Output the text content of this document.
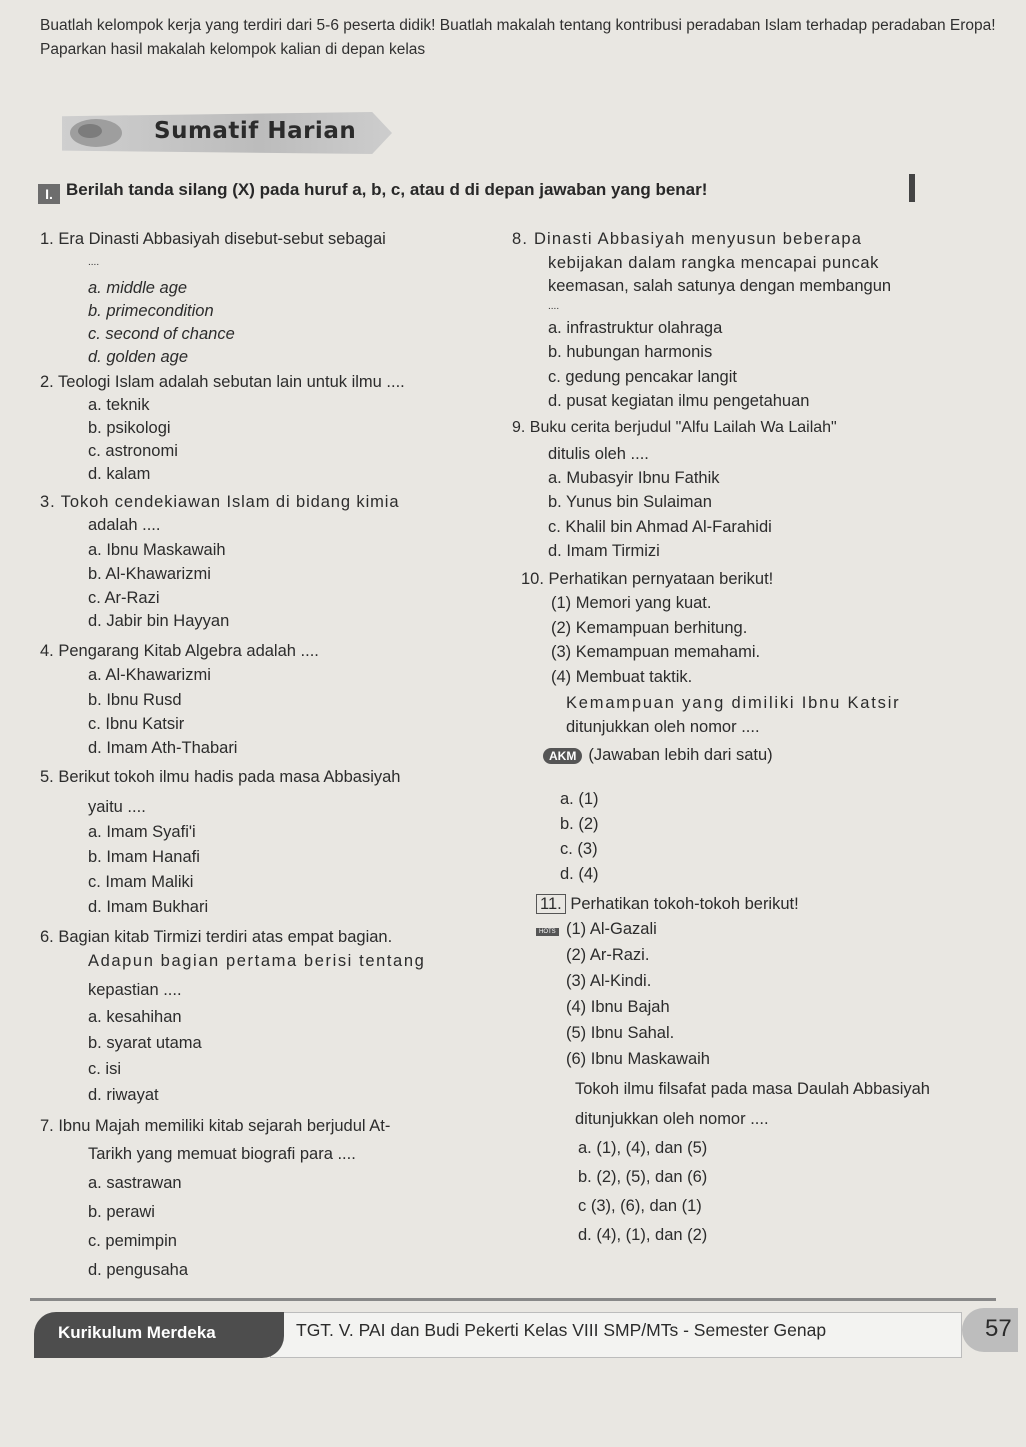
Buatlah kelompok kerja yang terdiri dari 5-6 peserta didik! Buatlah makalah tentang kontribusi peradaban Islam terhadap peradaban Eropa! Paparkan hasil makalah kelompok kalian di depan kelas
Sumatif Harian
I. Berilah tanda silang (X) pada huruf a, b, c, atau d di depan jawaban yang benar!
1. Era Dinasti Abbasiyah disebut-sebut sebagai
....
a. middle age
b. primecondition
c. second of chance
d. golden age
2. Teologi Islam adalah sebutan lain untuk ilmu ....
a. teknik
b. psikologi
c. astronomi
d. kalam
3. Tokoh cendekiawan Islam di bidang kimia
adalah ....
a. Ibnu Maskawaih
b. Al-Khawarizmi
c. Ar-Razi
d. Jabir bin Hayyan
4. Pengarang Kitab Algebra adalah ....
a. Al-Khawarizmi
b. Ibnu Rusd
c. Ibnu Katsir
d. Imam Ath-Thabari
5. Berikut tokoh ilmu hadis pada masa Abbasiyah
yaitu ....
a. Imam Syafi'i
b. Imam Hanafi
c. Imam Maliki
d. Imam Bukhari
6. Bagian kitab Tirmizi terdiri atas empat bagian.
Adapun bagian pertama berisi tentang
kepastian ....
a. kesahihan
b. syarat utama
c. isi
d. riwayat
7. Ibnu Majah memiliki kitab sejarah berjudul At-
Tarikh yang memuat biografi para ....
a. sastrawan
b. perawi
c. pemimpin
d. pengusaha
8. Dinasti Abbasiyah menyusun beberapa
kebijakan dalam rangka mencapai puncak
keemasan, salah satunya dengan membangun
....
a. infrastruktur olahraga
b. hubungan harmonis
c. gedung pencakar langit
d. pusat kegiatan ilmu pengetahuan
9. Buku cerita berjudul "Alfu Lailah Wa Lailah"
ditulis oleh ....
a. Mubasyir Ibnu Fathik
b. Yunus bin Sulaiman
c. Khalil bin Ahmad Al-Farahidi
d. Imam Tirmizi
10. Perhatikan pernyataan berikut!
(1) Memori yang kuat.
(2) Kemampuan berhitung.
(3) Kemampuan memahami.
(4) Membuat taktik.
Kemampuan yang dimiliki Ibnu Katsir
ditunjukkan oleh nomor ....
AKM (Jawaban lebih dari satu)
a. (1)
b. (2)
c. (3)
d. (4)
11. Perhatikan tokoh-tokoh berikut!
HOTS (1) Al-Gazali
(2) Ar-Razi.
(3) Al-Kindi.
(4) Ibnu Bajah
(5) Ibnu Sahal.
(6) Ibnu Maskawaih
Tokoh ilmu filsafat pada masa Daulah Abbasiyah
ditunjukkan oleh nomor ....
a. (1), (4), dan (5)
b. (2), (5), dan (6)
c (3), (6), dan (1)
d. (4), (1), dan (2)
Kurikulum Merdeka	TGT. V. PAI dan Budi Pekerti Kelas VIII SMP/MTs - Semester Genap	57
